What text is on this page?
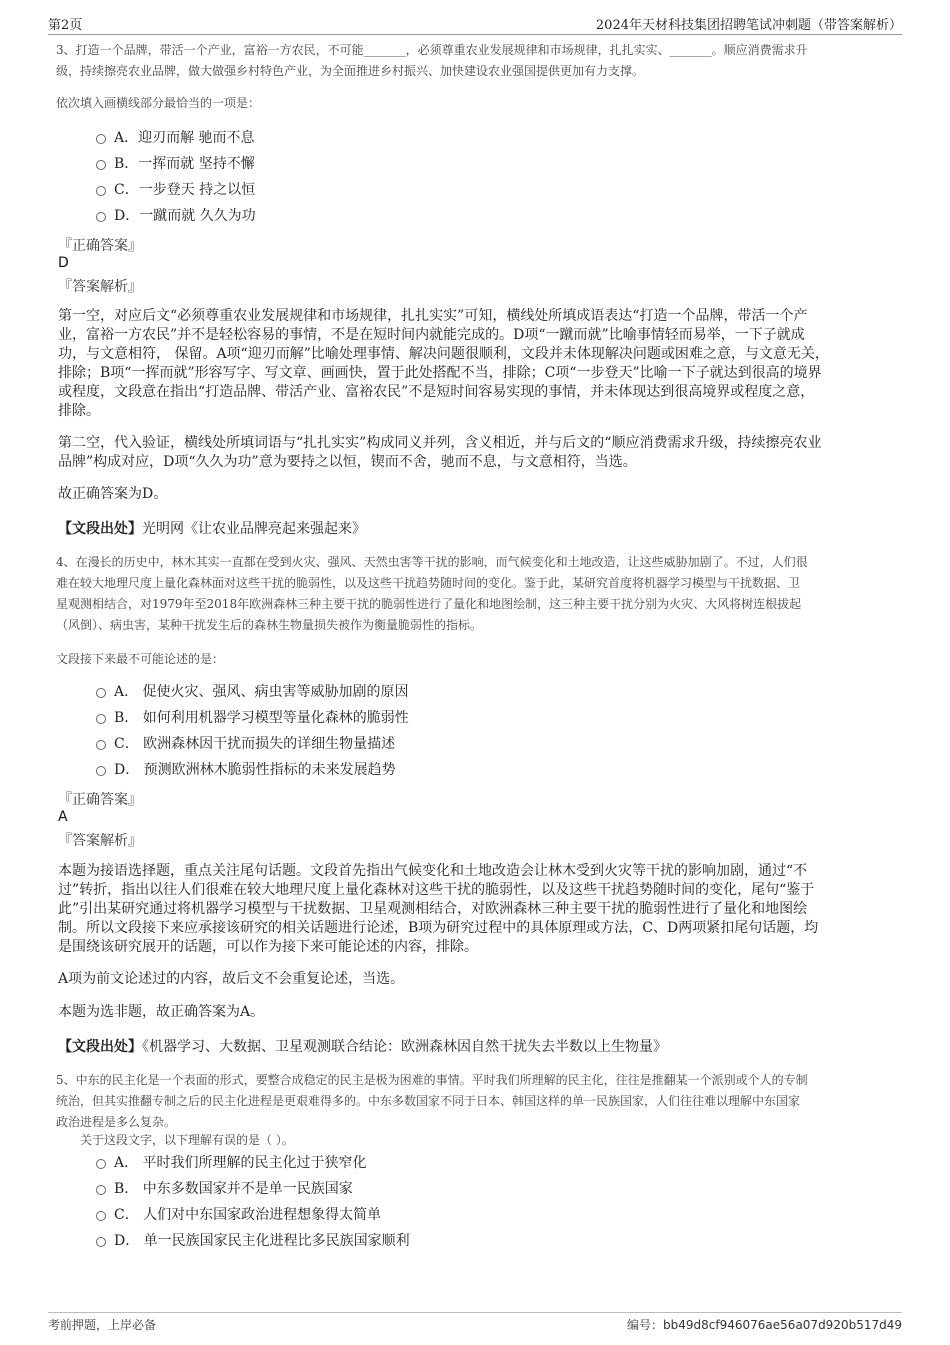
第2页	2024年天材科技集团招聘笔试冲刺题（带答案解析）
3、打造一个品牌，带活一个产业，富裕一方农民，不可能_______，必须尊重农业发展规律和市场规律，扎扎实实、_______。顺应消费需求升
级，持续擦亮农业品牌，做大做强乡村特色产业，为全面推进乡村振兴、加快建设农业强国提供更加有力支撑。
依次填入画横线部分最恰当的一项是：
A．迎刃而解 驰而不息
B．一挥而就 坚持不懈
C．一步登天 持之以恒
D．一蹴而就 久久为功
『正确答案』
D
『答案解析』
第一空，对应后文“必须尊重农业发展规律和市场规律，扎扎实实”可知，横线处所填成语表达“打造一个品牌，带活一个产
业，富裕一方农民”并不是轻松容易的事情，不是在短时间内就能完成的。D项“一蹴而就”比喻事情轻而易举，一下子就成
功，与文意相符， 保留。A项“迎刃而解”比喻处理事情、解决问题很顺利，文段并未体现解决问题或困难之意，与文意无关，
排除；B项“一挥而就”形容写字、写文章、画画快，置于此处搭配不当，排除；C项“一步登天”比喻一下子就达到很高的境界
或程度，文段意在指出“打造品牌、带活产业、富裕农民”不是短时间容易实现的事情，并未体现达到很高境界或程度之意，
排除。
第二空，代入验证，横线处所填词语与“扎扎实实”构成同义并列，含义相近，并与后文的“顺应消费需求升级，持续擦亮农业
品牌”构成对应，D项“久久为功”意为要持之以恒，锲而不舍，驰而不息，与文意相符，当选。
故正确答案为D。
【文段出处】光明网《让农业品牌亮起来强起来》
4、在漫长的历史中，林木其实一直都在受到火灾、强风、天然虫害等干扰的影响，而气候变化和土地改造，让这些威胁加剧了。不过，人们很
难在较大地理尺度上量化森林面对这些干扰的脆弱性，以及这些干扰趋势随时间的变化。鉴于此，某研究首度将机器学习模型与干扰数据、卫
星观测相结合，对1979年至2018年欧洲森林三种主要干扰的脆弱性进行了量化和地图绘制，这三种主要干扰分别为火灾、大风将树连根拔起
（风倒）、病虫害，某种干扰发生后的森林生物量损失被作为衡量脆弱性的指标。
文段接下来最不可能论述的是：
A． 促使火灾、强风、病虫害等威胁加剧的原因
B． 如何利用机器学习模型等量化森林的脆弱性
C． 欧洲森林因干扰而损失的详细生物量描述
D． 预测欧洲林木脆弱性指标的未来发展趋势
『正确答案』
A
『答案解析』
本题为接语选择题，重点关注尾句话题。文段首先指出气候变化和土地改造会让林木受到火灾等干扰的影响加剧，通过“不
过”转折，指出以往人们很难在较大地理尺度上量化森林对这些干扰的脆弱性，以及这些干扰趋势随时间的变化，尾句“鉴于
此”引出某研究通过将机器学习模型与干扰数据、卫星观测相结合，对欧洲森林三种主要干扰的脆弱性进行了量化和地图绘
制。所以文段接下来应承接该研究的相关话题进行论述，B项为研究过程中的具体原理或方法，C、D两项紧扣尾句话题，均
是围绕该研究展开的话题，可以作为接下来可能论述的内容，排除。
A项为前文论述过的内容，故后文不会重复论述，当选。
本题为选非题，故正确答案为A。
【文段出处】《机器学习、大数据、卫星观测联合结论：欧洲森林因自然干扰失去半数以上生物量》
5、中东的民主化是一个表面的形式，要整合成稳定的民主是极为困难的事情。平时我们所理解的民主化，往往是推翻某一个派别或个人的专制
统治，但其实推翻专制之后的民主化进程是更艰难得多的。中东多数国家不同于日本、韩国这样的单一民族国家，人们往往难以理解中东国家
政治进程是多么复杂。
关于这段文字，以下理解有误的是（ ）。
A． 平时我们所理解的民主化过于狭窄化
B． 中东多数国家并不是单一民族国家
C． 人们对中东国家政治进程想象得太简单
D． 单一民族国家民主化进程比多民族国家顺利
考前押题，上岸必备	编号：bb49d8cf946076ae56a07d920b517d49
